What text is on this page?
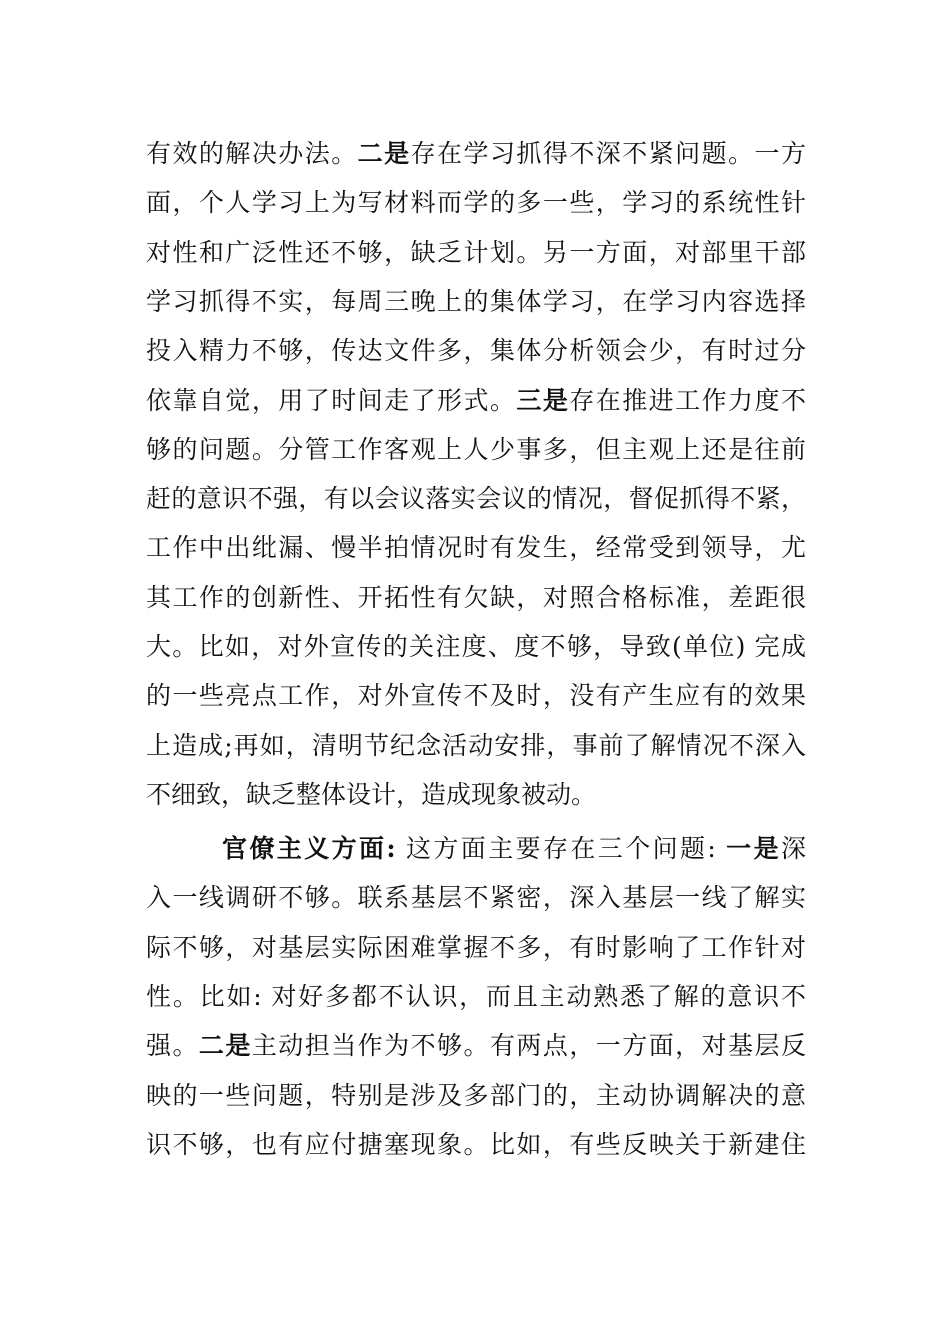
有效的解决办法。二是存在学习抓得不深不紧问题。一方
面，个人学习上为写材料而学的多一些，学习的系统性针
对性和广泛性还不够，缺乏计划。另一方面，对部里干部
学习抓得不实，每周三晚上的集体学习，在学习内容选择
投入精力不够，传达文件多，集体分析领会少，有时过分
依靠自觉，用了时间走了形式。三是存在推进工作力度不
够的问题。分管工作客观上人少事多，但主观上还是往前
赶的意识不强，有以会议落实会议的情况，督促抓得不紧，
工作中出纰漏、慢半拍情况时有发生，经常受到领导，尤
其工作的创新性、开拓性有欠缺，对照合格标准，差距很
大。比如，对外宣传的关注度、度不够，导致(单位) 完成
的一些亮点工作，对外宣传不及时，没有产生应有的效果
上造成;再如，清明节纪念活动安排，事前了解情况不深入
不细致，缺乏整体设计，造成现象被动。
官僚主义方面: 这方面主要存在三个问题: 一是深
入一线调研不够。联系基层不紧密，深入基层一线了解实
际不够，对基层实际困难掌握不多，有时影响了工作针对
性。比如: 对好多都不认识，而且主动熟悉了解的意识不
强。二是主动担当作为不够。有两点，一方面，对基层反
映的一些问题，特别是涉及多部门的，主动协调解决的意
识不够，也有应付搪塞现象。比如，有些反映关于新建住
